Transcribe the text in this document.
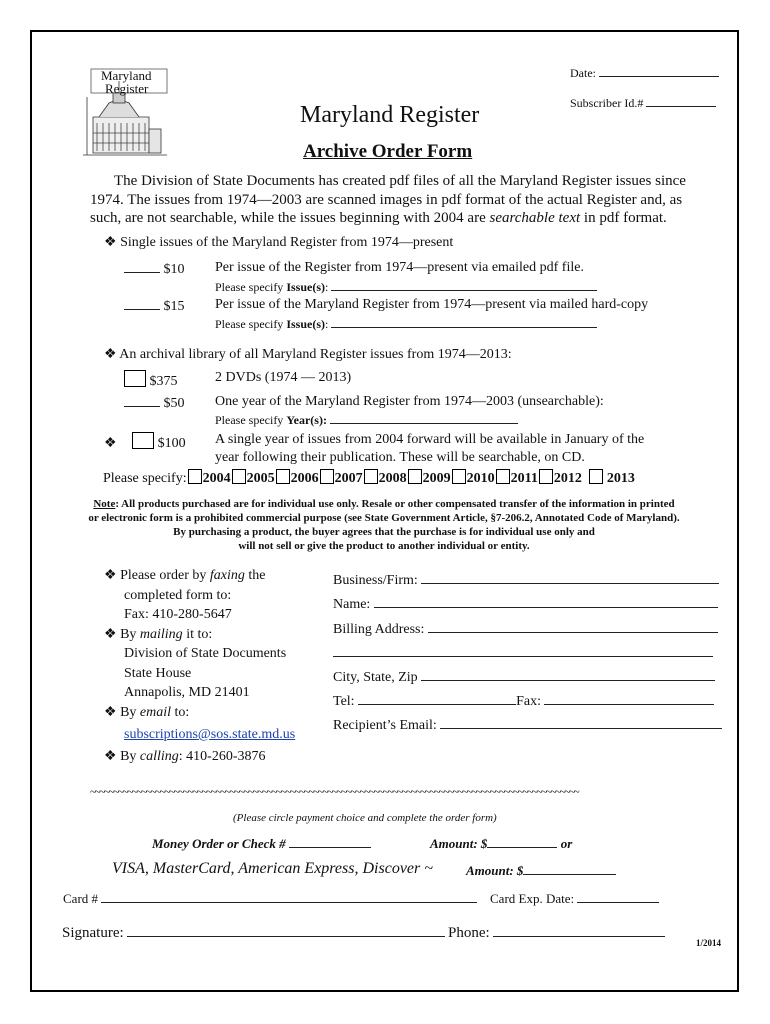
Maryland
Register
Date:
Subscriber Id.#
Maryland Register
Archive Order Form
The Division of State Documents has created pdf files of all the Maryland Register issues since
1974. The issues from 1974—2003 are scanned images in pdf format of the actual Register and, as
such, are not searchable, while the issues beginning with 2004 are searchable text in pdf format.
❖ Single issues of the Maryland Register from 1974—present
$10 Per issue of the Register from 1974—present via emailed pdf file.
Please specify Issue(s):
$15 Per issue of the Maryland Register from 1974—present via mailed hard-copy
Please specify Issue(s):
❖ An archival library of all Maryland Register issues from 1974—2013:
$375	2 DVDs (1974 — 2013)
$50 One year of the Maryland Register from 1974—2003 (unsearchable):
Please specify Year(s):
❖	$100 A single year of issues from 2004 forward will be available in January of the
year following their publication. These will be searchable, on CD.
Please specify: 2004 2005 2006 2007 2008 2009 2010 2011 2012 2013
Note: All products purchased are for individual use only. Resale or other compensated transfer of the information in printed
or electronic form is a prohibited commercial purpose (see State Government Article, §7-206.2, Annotated Code of Maryland).
By purchasing a product, the buyer agrees that the purchase is for individual use only and
will not sell or give the product to another individual or entity.
❖ Please order by faxing the
completed form to:
Fax: 410-280-5647
❖ By mailing it to:
Division of State Documents
State House
Annapolis, MD 21401
❖ By email to:
subscriptions@sos.state.md.us
❖ By calling: 410-260-3876
Business/Firm:
Name:
Billing Address:
City, State, Zip
Tel:	Fax:
Recipient’s Email:
~~~~~~~~~~~~~~~~~~~~~~~~~~~~~~~~~~~~~~~~~~~~~~~~~~~~~~~~~~~~~~~~~~~~~~~~~~~~~~~~~~~~~~~~~~~~~~~~~~~~~~~~~
(Please circle payment choice and complete the order form)
Money Order or Check #	Amount: $	or
VISA, MasterCard, American Express, Discover ~	Amount: $
Card #	Card Exp. Date:
Signature:	Phone:
1/2014
